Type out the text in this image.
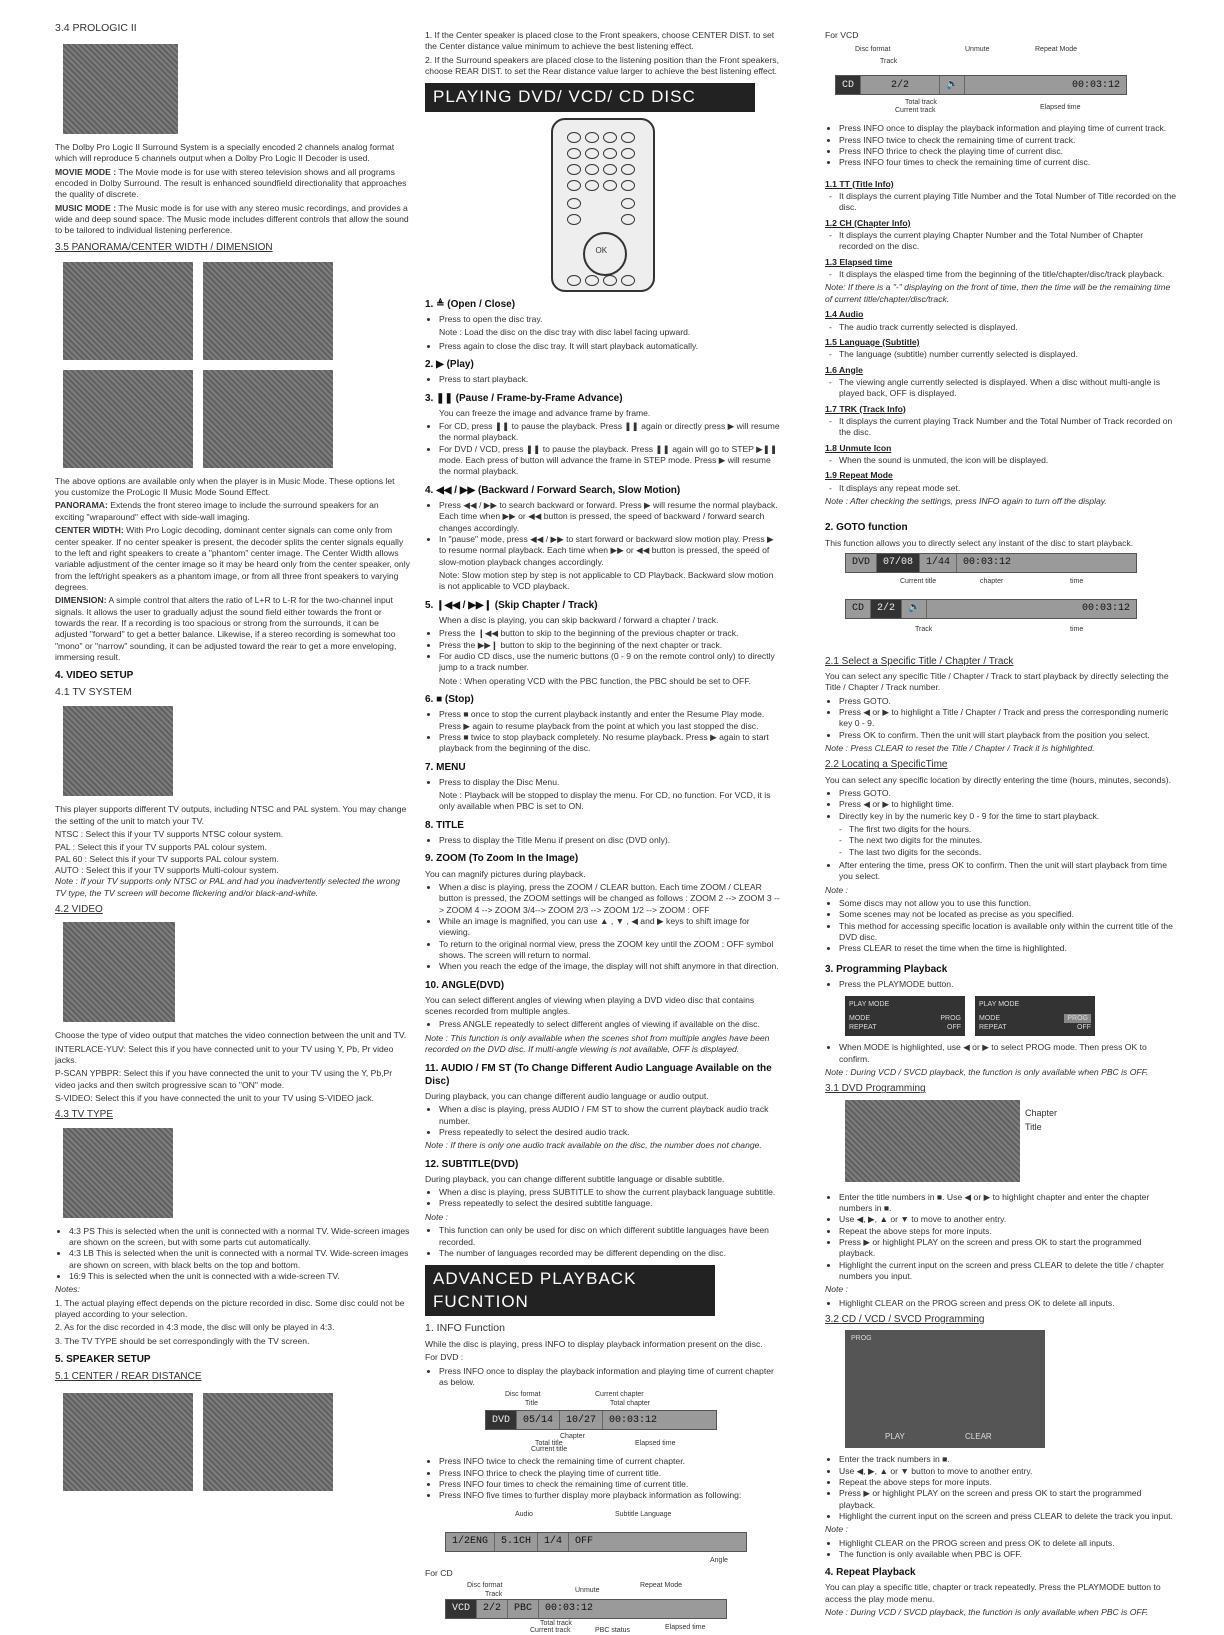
3.4 PROLOGIC II

The Dolby Pro Logic II Surround System is a specially encoded 2 channels analog format which will reproduce 5 channels output when a Dolby Pro Logic II Decoder is used.

MOVIE MODE : The Movie mode is for use with stereo television shows and all programs encoded in Dolby Surround. The result is enhanced soundfield directionality that approaches the quality of discrete.

MUSIC MODE : The Music mode is for use with any stereo music recordings, and provides a wide and deep sound space. The Music mode includes different controls that allow the sound to be tailored to individual listening perference.

3.5 PANORAMA/CENTER WIDTH / DIMENSION

The above options are available only when the player is in Music Mode. These options let you customize the ProLogic II Music Mode Sound Effect.

PANORAMA: Extends the front stereo image to include the surround speakers for an exciting "wraparound" effect with side-wall imaging.

CENTER WIDTH: With Pro Logic decoding, dominant center signals can come only from center speaker. If no center speaker is present, the decoder splits the center signals equally to the left and right speakers to create a "phantom" center image. The Center Width allows variable adjustment of the center image so it may be heard only from the center speaker, only from the left/right speakers as a phantom image, or from all three front speakers to varying degrees.

DIMENSION: A simple control that alters the ratio of L+R to L-R for the two-channel input signals. It allows the user to gradually adjust the sound field either towards the front or towards the rear. If a recording is too spacious or strong from the surrounds, it can be adjusted "forward" to get a better balance. Likewise, if a stereo recording is somewhat too "mono" or "narrow" sounding, it can be adjusted toward the rear to get a more enveloping, immersing result.

4. VIDEO SETUP
4.1 TV SYSTEM

This player supports different TV outputs, including NTSC and PAL system. You may change the setting of the unit to match your TV.

NTSC : Select this if your TV supports NTSC colour system.

PAL : Select this if your TV supports PAL colour system.

PAL 60 : Select this if your TV supports PAL colour system.

AUTO : Select this if your TV supports Multi-colour system.

Note : If your TV supports only NTSC or PAL and had you inadvertently selected the wrong TV type, the TV screen will become flickering and/or black-and-white.

4.2 VIDEO

Choose the type of video output that matches the video connection between the unit and TV.

INTERLACE-YUV: Select this if you have connected unit to your TV using Y, Pb, Pr video jacks.

P-SCAN YPBPR: Select this if you have connected the unit to your TV using the Y, Pb,Pr video jacks and then switch progressive scan to "ON" mode.

S-VIDEO: Select this if you have connected the unit to your TV using S-VIDEO jack.

4.3 TV TYPE
• 4:3 PS This is selected when the unit is connected with a normal TV. Wide-screen images are shown on the screen, but with some parts cut automatically.
• 4:3 LB This is selected when the unit is connected with a normal TV. Wide-screen images are shown on screen, with black belts on the top and bottom.
• 16:9 This is selected when the unit is connected with a wide-screen TV.

Notes:

1. The actual playing effect depends on the picture recorded in disc. Some disc could not be played according to your selection.

2. As for the disc recorded in 4:3 mode, the disc will only be played in 4:3.

3. The TV TYPE should be set correspondingly with the TV screen.

5. SPEAKER SETUP
5.1 CENTER / REAR DISTANCE

1. If the Center speaker is placed close to the Front speakers, choose CENTER DIST. to set the Center distance value minimum to achieve the best listening effect.

2. If the Surround speakers are placed close to the listening position than the Front speakers, choose REAR DIST. to set the Rear distance value larger to achieve the best listening effect.

PLAYING DVD/ VCD/ CD DISC
OK
1. ≜ (Open / Close)
• Press to open the disc tray.

Note : Load the disc on the disc tray with disc label facing upward.

• Press again to close the disc tray. It will start playback automatically.
2. ▶ (Play)
• Press to start playback.
3. ❚❚ (Pause / Frame-by-Frame Advance)

You can freeze the image and advance frame by frame.

• For CD, press ❚❚ to pause the playback. Press ❚❚ again or directly press ▶ will resume the normal playback.
• For DVD / VCD, press ❚❚ to pause the playback. Press ❚❚ again will go to STEP ▶❚❚ mode. Each press of button will advance the frame in STEP mode. Press ▶ will resume the normal playback.
4. ◀◀ / ▶▶ (Backward / Forward Search, Slow Motion)
• Press ◀◀ / ▶▶ to search backward or forward. Press ▶ will resume the normal playback. Each time when ▶▶ or ◀◀ button is pressed, the speed of backward / forward search changes accordingly.
• In "pause" mode, press ◀◀ / ▶▶ to start forward or backward slow motion play. Press ▶ to resume normal playback. Each time when ▶▶ or ◀◀ button is pressed, the speed of slow-motion playback changes accordingly.

Note: Slow motion step by step is not applicable to CD Playback. Backward slow motion is not applicable to VCD playback.

5. ❙◀◀ / ▶▶❙ (Skip Chapter / Track)

When a disc is playing, you can skip backward / forward a chapter / track.

• Press the ❙◀◀ button to skip to the beginning of the previous chapter or track.
• Press the ▶▶❙ button to skip to the beginning of the next chapter or track.
• For audio CD discs, use the numeric buttons (0 - 9 on the remote control only) to directly jump to a track number.

Note : When operating VCD with the PBC function, the PBC should be set to OFF.

6. ■ (Stop)
• Press ■ once to stop the current playback instantly and enter the Resume Play mode. Press ▶ again to resume playback from the point at which you last stopped the disc.
• Press ■ twice to stop playback completely. No resume playback. Press ▶ again to start playback from the beginning of the disc.
7. MENU
• Press to display the Disc Menu.

Note : Playback will be stopped to display the menu. For CD, no function. For VCD, it is only available when PBC is set to ON.

8. TITLE
• Press to display the Title Menu if present on disc (DVD only).
9. ZOOM (To Zoom In the Image)

You can magnify pictures during playback.

• When a disc is playing, press the ZOOM / CLEAR button. Each time ZOOM / CLEAR button is pressed, the ZOOM settings will be changed as follows : ZOOM 2 --> ZOOM 3 --> ZOOM 4 --> ZOOM 3/4--> ZOOM 2/3 --> ZOOM 1/2 --> ZOOM : OFF
• While an image is magnified, you can use ▲ , ▼ , ◀ and ▶ keys to shift image for viewing.
• To return to the original normal view, press the ZOOM key until the ZOOM : OFF symbol shows. The screen will return to normal.
• When you reach the edge of the image, the display will not shift anymore in that direction.
10. ANGLE(DVD)

You can select different angles of viewing when playing a DVD video disc that contains scenes recorded from multiple angles.

• Press ANGLE repeatedly to select different angles of viewing if available on the disc.

Note : This function is only available when the scenes shot from multiple angles have been recorded on the DVD disc. If multi-angle viewing is not available, OFF is displayed.

11. AUDIO / FM ST (To Change Different Audio Language Available on the Disc)

During playback, you can change different audio language or audio output.

• When a disc is playing, press AUDIO / FM ST to show the current playback audio track number.
• Press repeatedly to select the desired audio track.

Note : If there is only one audio track available on the disc, the number does not change.

12. SUBTITLE(DVD)

During playback, you can change different subtitle language or disable subtitle.

• When a disc is playing, press SUBTITLE to show the current playback language subtitle.
• Press repeatedly to select the desired subtitle language.

Note :

• This function can only be used for disc on which different subtitle languages have been recorded.
• The number of languages recorded may be different depending on the disc.
ADVANCED PLAYBACK FUCNTION
1. INFO Function

While the disc is playing, press INFO to display playback information present on the disc.

For DVD :

• Press INFO once to display the playback information and playing time of current chapter as below.
Disc format
Title
Current chapter
Total chapter
DVD	05/14	10/27	00:03:12
Chapter
Total title
Current title
Elapsed time
• Press INFO twice to check the remaining time of current chapter.
• Press INFO thrice to check the playing time of current title.
• Press INFO four times to check the remaining time of current title.
• Press INFO five times to further display more playback information as following:
Audio	Subtitle Language
1/2ENG	5.1CH	1/4	OFF
Angle

For CD

Disc format
Track
Unmute
Repeat Mode
VCD	2/2	PBC	00:03:12
Total track
Current track	PBC status	Elapsed time

For VCD

Disc format
Track
Unmute	Repeat Mode
CD	2/2	🔈	00:03:12
Total track
Current track	Elapsed time
• Press INFO once to display the playback information and playing time of current track.
• Press INFO twice to check the remaining time of current track.
• Press INFO thrice to check the playing time of current disc.
• Press INFO four times to check the remaining time of current disc.
1.1 TT (Title Info)
- It displays the current playing Title Number and the Total Number of Title recorded on the disc.
1.2 CH (Chapter Info)
- It displays the current playing Chapter Number and the Total Number of Chapter recorded on the disc.
1.3 Elapsed time
- It displays the elasped time from the beginning of the title/chapter/disc/track playback.

Note: If there is a "-" displaying on the front of time, then the time will be the remaining time of current title/chapter/disc/track.

1.4 Audio
- The audio track currently selected is displayed.
1.5 Language (Subtitle)
- The language (subtitle) number currently selected is displayed.
1.6 Angle
- The viewing angle currently selected is displayed. When a disc without multi-angle is played back, OFF is displayed.
1.7 TRK (Track Info)
- It displays the current playing Track Number and the Total Number of Track recorded on the disc.
1.8 Unmute Icon
- When the sound is unmuted, the icon will be displayed.
1.9 Repeat Mode
- It displays any repeat mode set.

Note : After checking the settings, press INFO again to turn off the display.

2. GOTO function

This function allows you to directly select any instant of the disc to start playback.

DVD	07/08	1/44	00:03:12
Current title	chapter	time
CD	2/2	🔈	00:03:12
Track	time
2.1 Select a Specific Title / Chapter / Track

You can select any specific Title / Chapter / Track to start playback by directly selecting the Title / Chapter / Track number.

• Press GOTO.
• Press ◀ or ▶ to highlight a Title / Chapter / Track and press the corresponding numeric key 0 - 9.
• Press OK to confirm. Then the unit will start playback from the position you select.

Note : Press CLEAR to reset the Title / Chapter / Track it is highlighted.

2.2 Locating a SpecificTime

You can select any specific location by directly entering the time (hours, minutes, seconds).

• Press GOTO.
• Press ◀ or ▶ to highlight time.
• Directly key in by the numeric key 0 - 9 for the time to start playback.
- The first two digits for the hours.
- The next two digits for the minutes.
- The last two digits for the seconds.
• After entering the time, press OK to confirm. Then the unit will start playback from time you select.

Note :

• Some discs may not allow you to use this function.
• Some scenes may not be located as precise as you specified.
• This method for accessing specific location is available only within the current title of the DVD disc.
• Press CLEAR to reset the time when the time is highlighted.
3. Programming Playback
• Press the PLAYMODE button.
PLAY MODE
MODE	PROG
REPEAT	OFF
PLAY MODE
MODE	PROG
REPEAT	OFF
• When MODE is highlighted, use ◀ or ▶ to select PROG mode. Then press OK to confirm.

Note : During VCD / SVCD playback, the function is only available when PBC is OFF.

3.1 DVD Programming
Chapter
Title
• Enter the title numbers in ■. Use ◀ or ▶ to highlight chapter and enter the chapter numbers in ■.
• Use ◀, ▶, ▲ or ▼ to move to another entry.
• Repeat the above steps for more inputs.
• Press ▶ or highlight PLAY on the screen and press OK to start the programmed playback.
• Highlight the current input on the screen and press CLEAR to delete the title / chapter numbers you input.

Note :

• Highlight CLEAR on the PROG screen and press OK to delete all inputs.
3.2 CD / VCD / SVCD Programming
PROG
PLAY	CLEAR
• Enter the track numbers in ■.
• Use ◀, ▶, ▲ or ▼ button to move to another entry.
• Repeat the above steps for more inputs.
• Press ▶ or highlight PLAY on the screen and press OK to start the programmed playback.
• Highlight the current input on the screen and press CLEAR to delete the track you input.

Note :

• Highlight CLEAR on the PROG screen and press OK to delete all inputs.
• The function is only available when PBC is OFF.
4. Repeat Playback

You can play a specific title, chapter or track repeatedly. Press the PLAYMODE button to access the play mode menu.

Note : During VCD / SVCD playback, the function is only available when PBC is OFF.
